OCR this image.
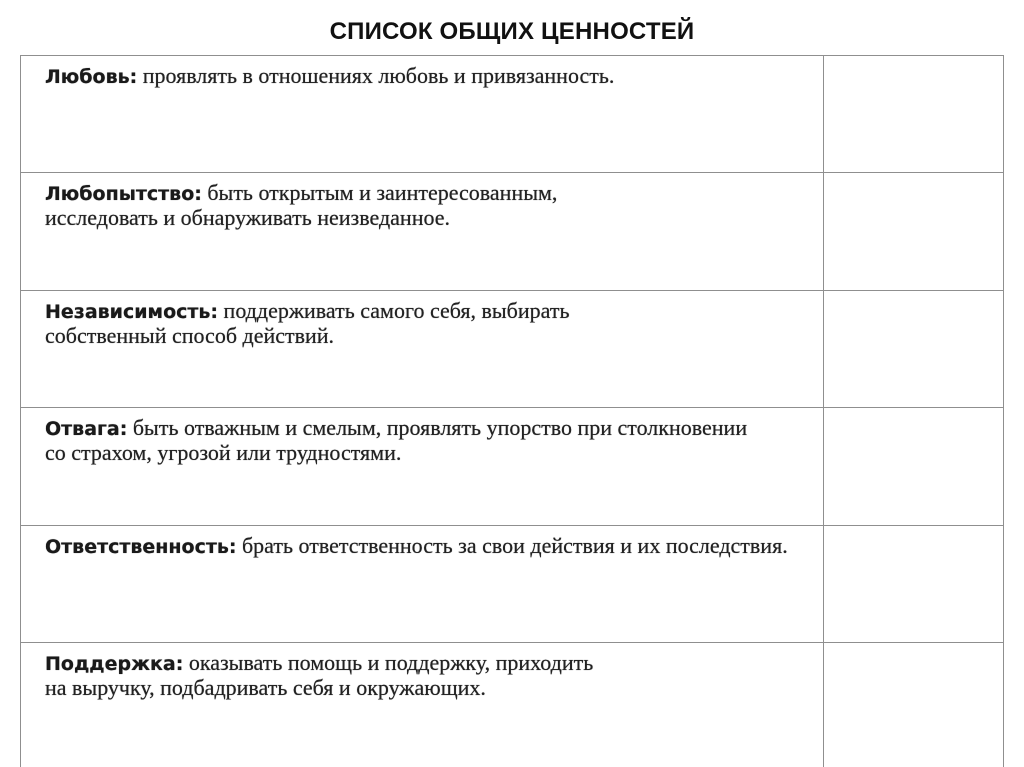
СПИСОК ОБЩИХ ЦЕННОСТЕЙ

Любовь: проявлять в отношениях любовь и привязанность.

Любопытство: быть открытым и заинтересованным, исследовать и обнаруживать неизведанное.

Независимость: поддерживать самого себя, выбирать собственный способ действий.

Отвага: быть отважным и смелым, проявлять упорство при столкновении со страхом, угрозой или трудностями.

Ответственность: брать ответственность за свои действия и их последствия.

Поддержка: оказывать помощь и поддержку, приходить на выручку, подбадривать себя и окружающих.
